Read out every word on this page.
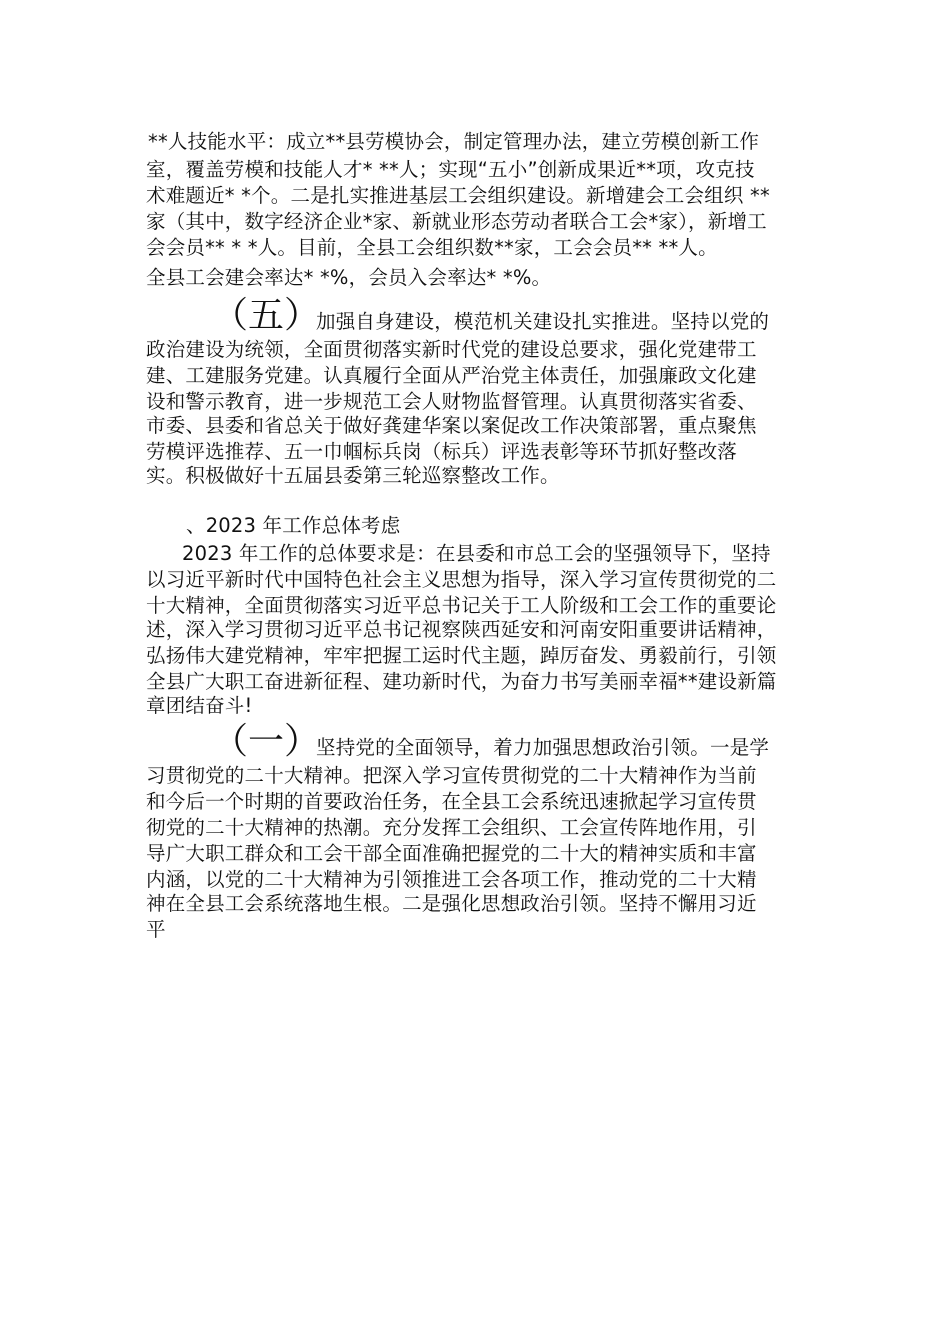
**人技能水平：成立**县劳模协会，制定管理办法，建立劳模创新工作
室，覆盖劳模和技能人才* **人；实现“五小”创新成果近**项，攻克技
术难题近* *个。二是扎实推进基层工会组织建设。新增建会工会组织 **
家（其中，数字经济企业*家、新就业形态劳动者联合工会*家），新增工
会会员** * *人。目前，全县工会组织数**家，工会会员** **人。
全县工会建会率达* *%，会员入会率达* *%。
（五）
加强自身建设，模范机关建设扎实推进。坚持以党的
政治建设为统领，全面贯彻落实新时代党的建设总要求，强化党建带工
建、工建服务党建。认真履行全面从严治党主体责任，加强廉政文化建
设和警示教育，进一步规范工会人财物监督管理。认真贯彻落实省委、
市委、县委和省总关于做好龚建华案以案促改工作决策部署，重点聚焦
劳模评选推荐、五一巾帼标兵岗（标兵）评选表彰等环节抓好整改落
实。积极做好十五届县委第三轮巡察整改工作。
、2023 年工作总体考虑
2023 年工作的总体要求是：在县委和市总工会的坚强领导下，坚持
以习近平新时代中国特色社会主义思想为指导，深入学习宣传贯彻党的二
十大精神，全面贯彻落实习近平总书记关于工人阶级和工会工作的重要论
述，深入学习贯彻习近平总书记视察陕西延安和河南安阳重要讲话精神，
弘扬伟大建党精神，牢牢把握工运时代主题，踔厉奋发、勇毅前行，引领
全县广大职工奋进新征程、建功新时代，为奋力书写美丽幸福**建设新篇
章团结奋斗!
（一）
坚持党的全面领导，着力加强思想政治引领。一是学
习贯彻党的二十大精神。把深入学习宣传贯彻党的二十大精神作为当前
和今后一个时期的首要政治任务，在全县工会系统迅速掀起学习宣传贯
彻党的二十大精神的热潮。充分发挥工会组织、工会宣传阵地作用，引
导广大职工群众和工会干部全面准确把握党的二十大的精神实质和丰富
内涵，以党的二十大精神为引领推进工会各项工作，推动党的二十大精
神在全县工会系统落地生根。二是强化思想政治引领。坚持不懈用习近
平
